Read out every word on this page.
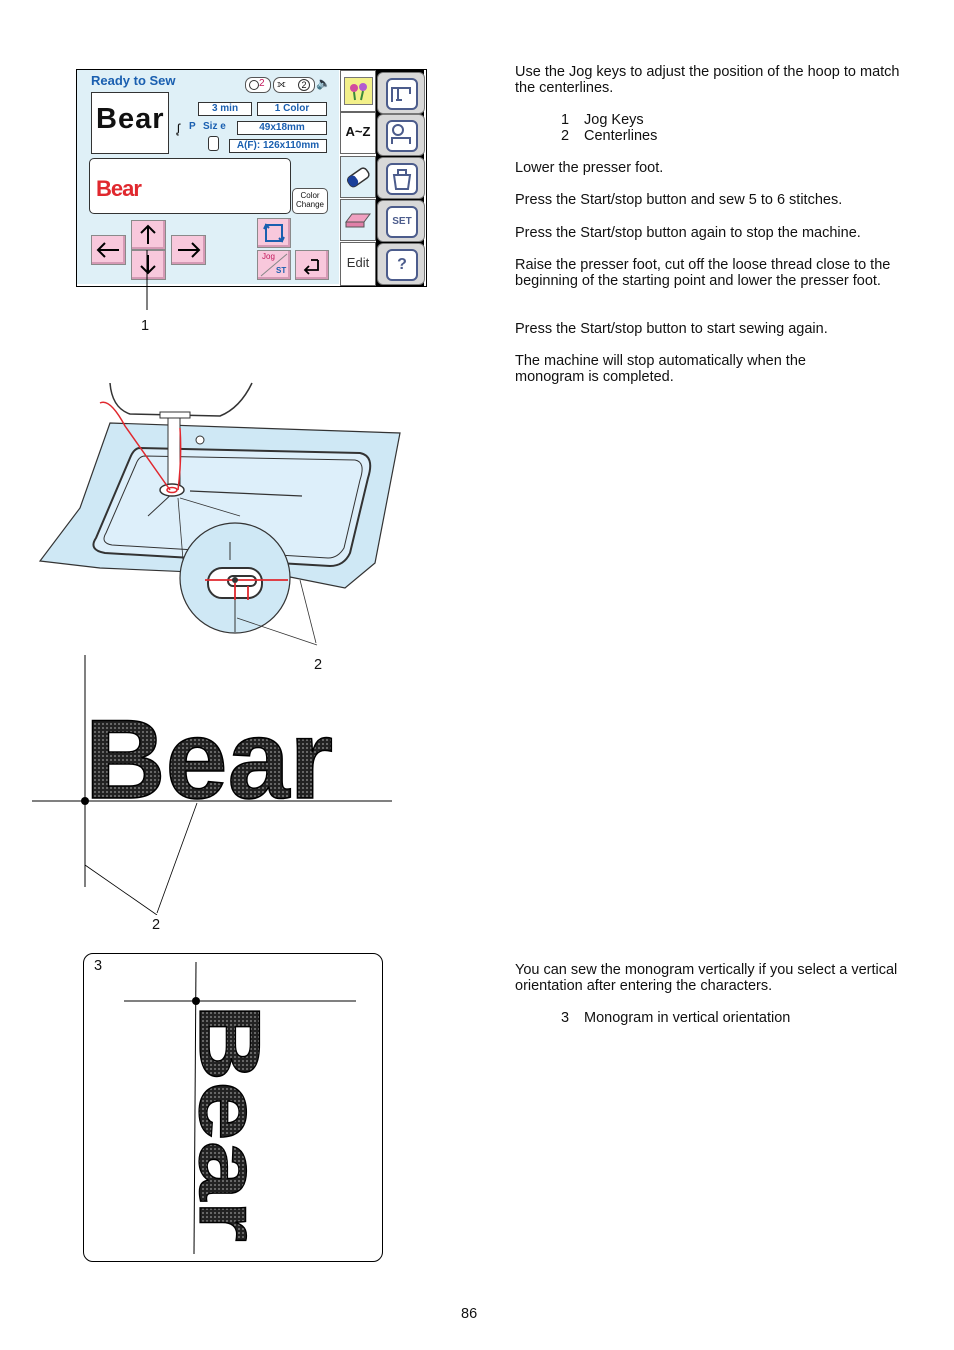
Ready to Sew	2 ⟗	2 🔈
Bear	3 min	1 Color
ᶘ P Siz e	49x18mm
A(F): 126x110mm
Bear	Color
Change
Jog
ST
A~Z
Edit
SET
?
1
2
Bear
2
3
Bear
Use the Jog keys to adjust the position of the hoop to match the centerlines.
1 Jog Keys
2 Centerlines
Lower the presser foot.
Press the Start/stop button and sew 5 to 6 stitches.
Press the Start/stop button again to stop the machine.
Raise the presser foot, cut off the loose thread close to the beginning of the starting point and lower the presser foot.
Press the Start/stop button to start sewing again.
The machine will stop automatically when the monogram is completed.
You can sew the monogram vertically if you select a vertical orientation after entering the characters.
3 Monogram in vertical orientation
86
